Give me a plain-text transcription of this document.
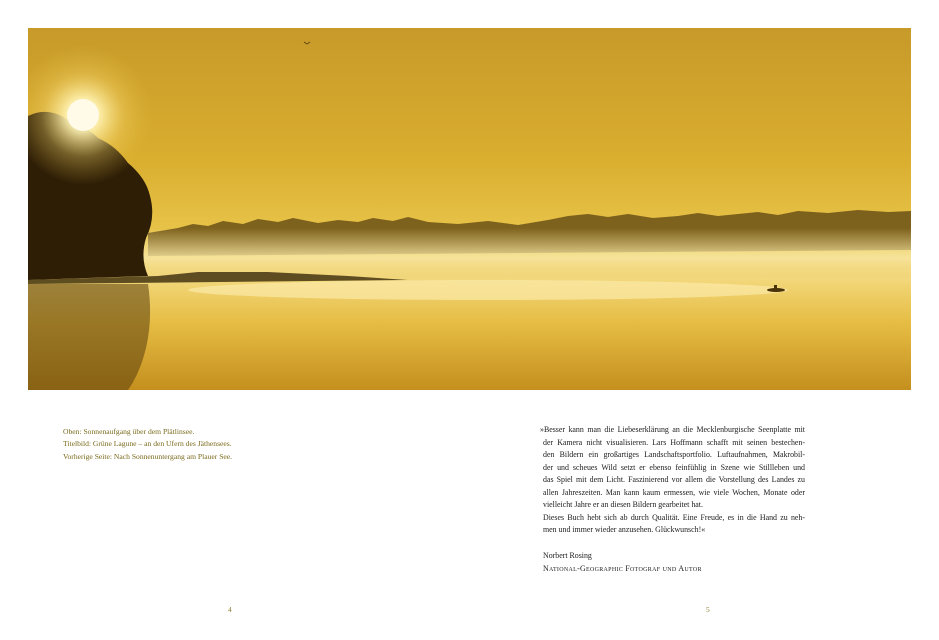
Oben: Sonnenaufgang über dem Plätlinsee.
Titelbild: Grüne Lagune – an den Ufern des Jäthensees.
Vorherige Seite: Nach Sonnenuntergang am Plauer See.
»Besser kann man die Liebeserklärung an die Mecklenburgische Seenplatte mit
der Kamera nicht visualisieren. Lars Hoffmann schafft mit seinen bestechen-
den Bildern ein großartiges Landschaftsportfolio. Luftaufnahmen, Makrobil-
der und scheues Wild setzt er ebenso feinfühlig in Szene wie Stillleben und
das Spiel mit dem Licht. Faszinierend vor allem die Vorstellung des Landes zu
allen Jahreszeiten. Man kann kaum ermessen, wie viele Wochen, Monate oder
vielleicht Jahre er an diesen Bildern gearbeitet hat.
Dieses Buch hebt sich ab durch Qualität. Eine Freude, es in die Hand zu neh-
men und immer wieder anzusehen. Glückwunsch!«
Norbert Rosing
National-Geographic Fotograf und Autor
4	5
